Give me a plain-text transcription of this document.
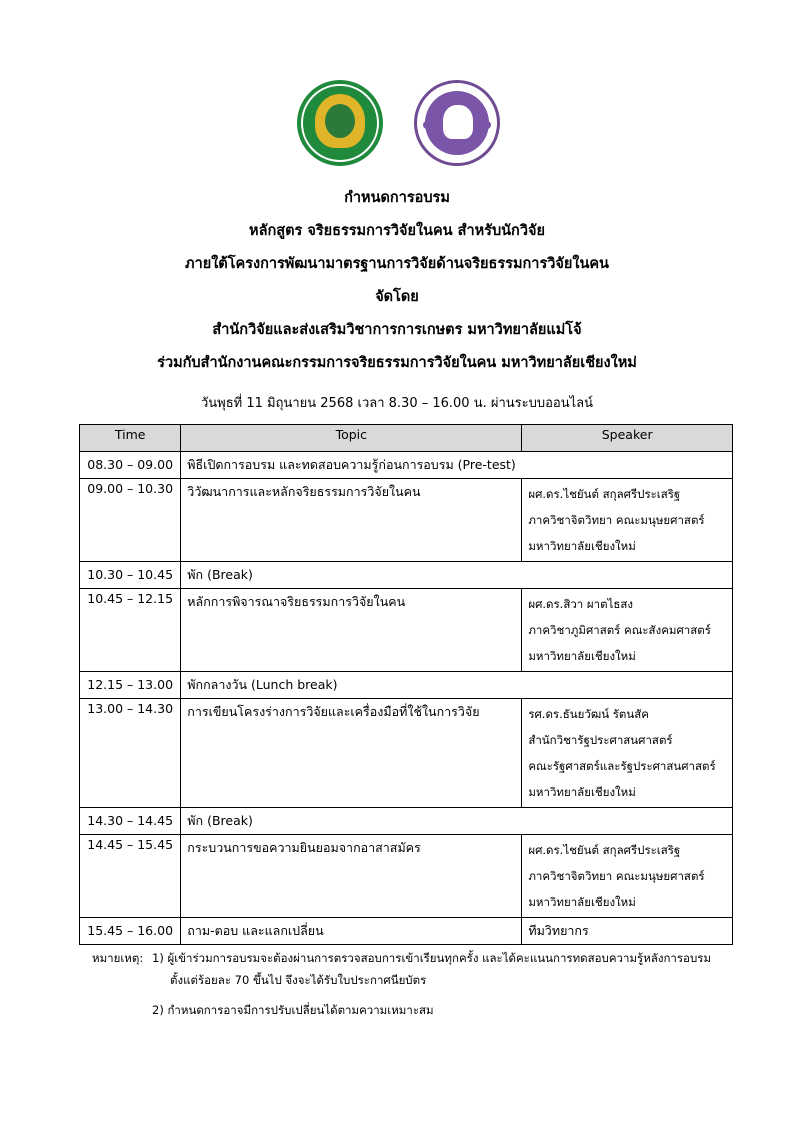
กำหนดการอบรม
หลักสูตร จริยธรรมการวิจัยในคน สำหรับนักวิจัย
ภายใต้โครงการพัฒนามาตรฐานการวิจัยด้านจริยธรรมการวิจัยในคน
จัดโดย
สำนักวิจัยและส่งเสริมวิชาการการเกษตร มหาวิทยาลัยแม่โจ้
ร่วมกับสำนักงานคณะกรรมการจริยธรรมการวิจัยในคน มหาวิทยาลัยเชียงใหม่
วันพุธที่ 11 มิถุนายน 2568 เวลา 8.30 – 16.00 น. ผ่านระบบออนไลน์
Time	Topic	Speaker
08.30 – 09.00	พิธีเปิดการอบรม และทดสอบความรู้ก่อนการอบรม (Pre-test)	
09.00 – 10.30	วิวัฒนาการและหลักจริยธรรมการวิจัยในคน	ผศ.ดร.ไชยันต์ สกุลศรีประเสริฐ
ภาควิชาจิตวิทยา คณะมนุษยศาสตร์
มหาวิทยาลัยเชียงใหม่

10.30 – 10.45	พัก (Break)	
10.45 – 12.15	หลักการพิจารณาจริยธรรมการวิจัยในคน	ผศ.ดร.สิวา ผาตไธสง
ภาควิชาภูมิศาสตร์ คณะสังคมศาสตร์
มหาวิทยาลัยเชียงใหม่

12.15 – 13.00	พักกลางวัน (Lunch break)	
13.00 – 14.30	การเขียนโครงร่างการวิจัยและเครื่องมือที่ใช้ในการวิจัย	รศ.ดร.ธันยวัฒน์ รัตนสัค
สำนักวิชารัฐประศาสนศาสตร์
คณะรัฐศาสตร์และรัฐประศาสนศาสตร์
มหาวิทยาลัยเชียงใหม่

14.30 – 14.45	พัก (Break)	
14.45 – 15.45	กระบวนการขอความยินยอมจากอาสาสมัคร	ผศ.ดร.ไชยันต์ สกุลศรีประเสริฐ
ภาควิชาจิตวิทยา คณะมนุษยศาสตร์
มหาวิทยาลัยเชียงใหม่

15.45 – 16.00	ถาม-ตอบ และแลกเปลี่ยน	ทีมวิทยากร
หมายเหตุ: 1) ผู้เข้าร่วมการอบรมจะต้องผ่านการตรวจสอบการเข้าเรียนทุกครั้ง และได้คะแนนการทดสอบความรู้หลังการอบรม
ตั้งแต่ร้อยละ 70 ขึ้นไป จึงจะได้รับใบประกาศนียบัตร
2) กำหนดการอาจมีการปรับเปลี่ยนได้ตามความเหมาะสม
